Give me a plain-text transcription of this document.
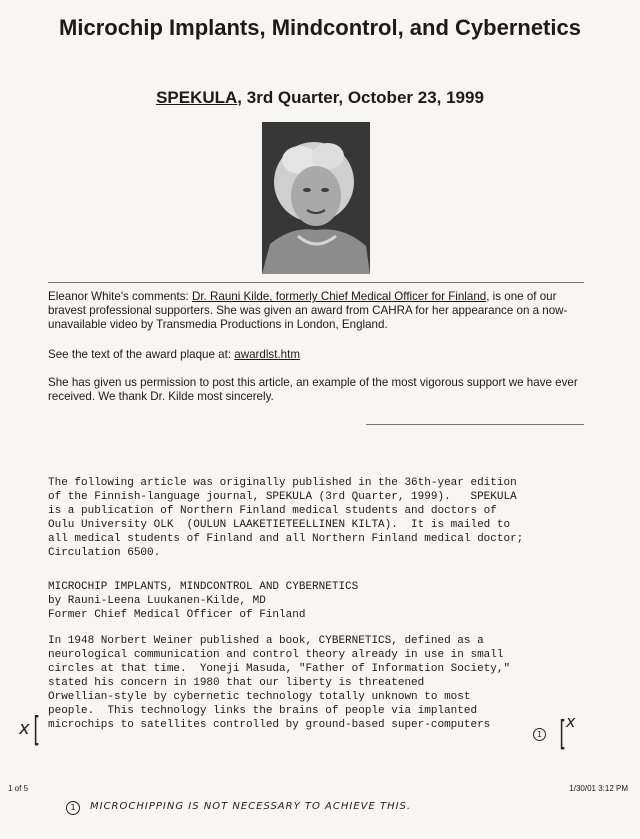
Microchip Implants, Mindcontrol, and Cybernetics
SPEKULA, 3rd Quarter, October 23, 1999
Eleanor White's comments: Dr. Rauni Kilde, formerly Chief Medical Officer for Finland, is one of our bravest professional supporters. She was given an award from CAHRA for her appearance on a now-unavailable video by Transmedia Productions in London, England.
See the text of the award plaque at: awardlst.htm
She has given us permission to post this article, an example of the most vigorous support we have ever received. We thank Dr. Kilde most sincerely.
The following article was originally published in the 36th-year edition
of the Finnish-language journal, SPEKULA (3rd Quarter, 1999).   SPEKULA
is a publication of Northern Finland medical students and doctors of
Oulu University OLK  (OULUN LAAKETIETEELLINEN KILTA).  It is mailed to
all medical students of Finland and all Northern Finland medical doctor;
Circulation 6500.
MICROCHIP IMPLANTS, MINDCONTROL AND CYBERNETICS
by Rauni-Leena Luukanen-Kilde, MD
Former Chief Medical Officer of Finland
In 1948 Norbert Weiner published a book, CYBERNETICS, defined as a
neurological communication and control theory already in use in small
circles at that time.  Yoneji Masuda, "Father of Information Society,"
stated his concern in 1980 that our liberty is threatened
Orwellian-style by cybernetic technology totally unknown to most
people.  This technology links the brains of people via implanted
microchips to satellites controlled by ground-based super-computers
x [	1 [ x
1 of 5	1/30/01 3:12 PM
1	MICROCHIPPING IS NOT NECESSARY TO ACHIEVE THIS.
